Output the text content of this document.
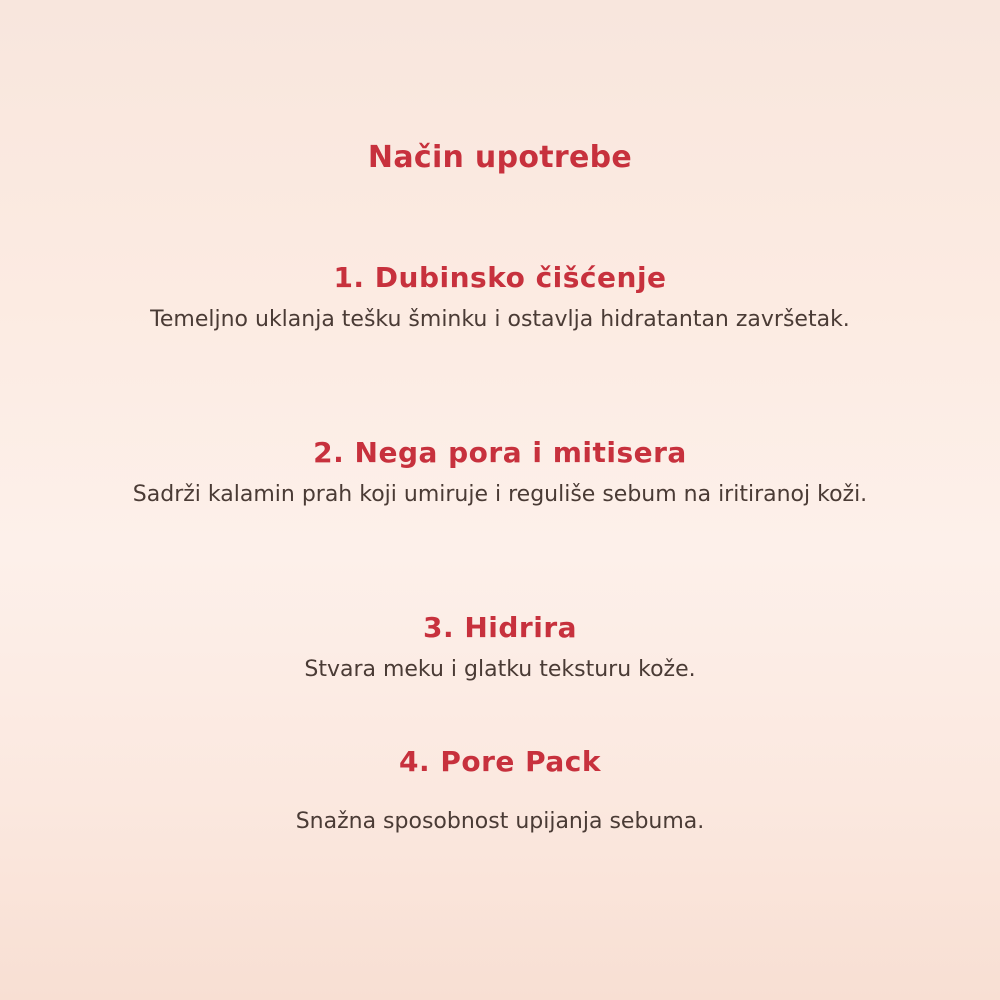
Način upotrebe

1. Dubinsko čišćenje

Temeljno uklanja tešku šminku i ostavlja hidratantan završetak.

2. Nega pora i mitisera

Sadrži kalamin prah koji umiruje i reguliše sebum na iritiranoj koži.

3. Hidrira

Stvara meku i glatku teksturu kože.

4. Pore Pack

Snažna sposobnost upijanja sebuma.
